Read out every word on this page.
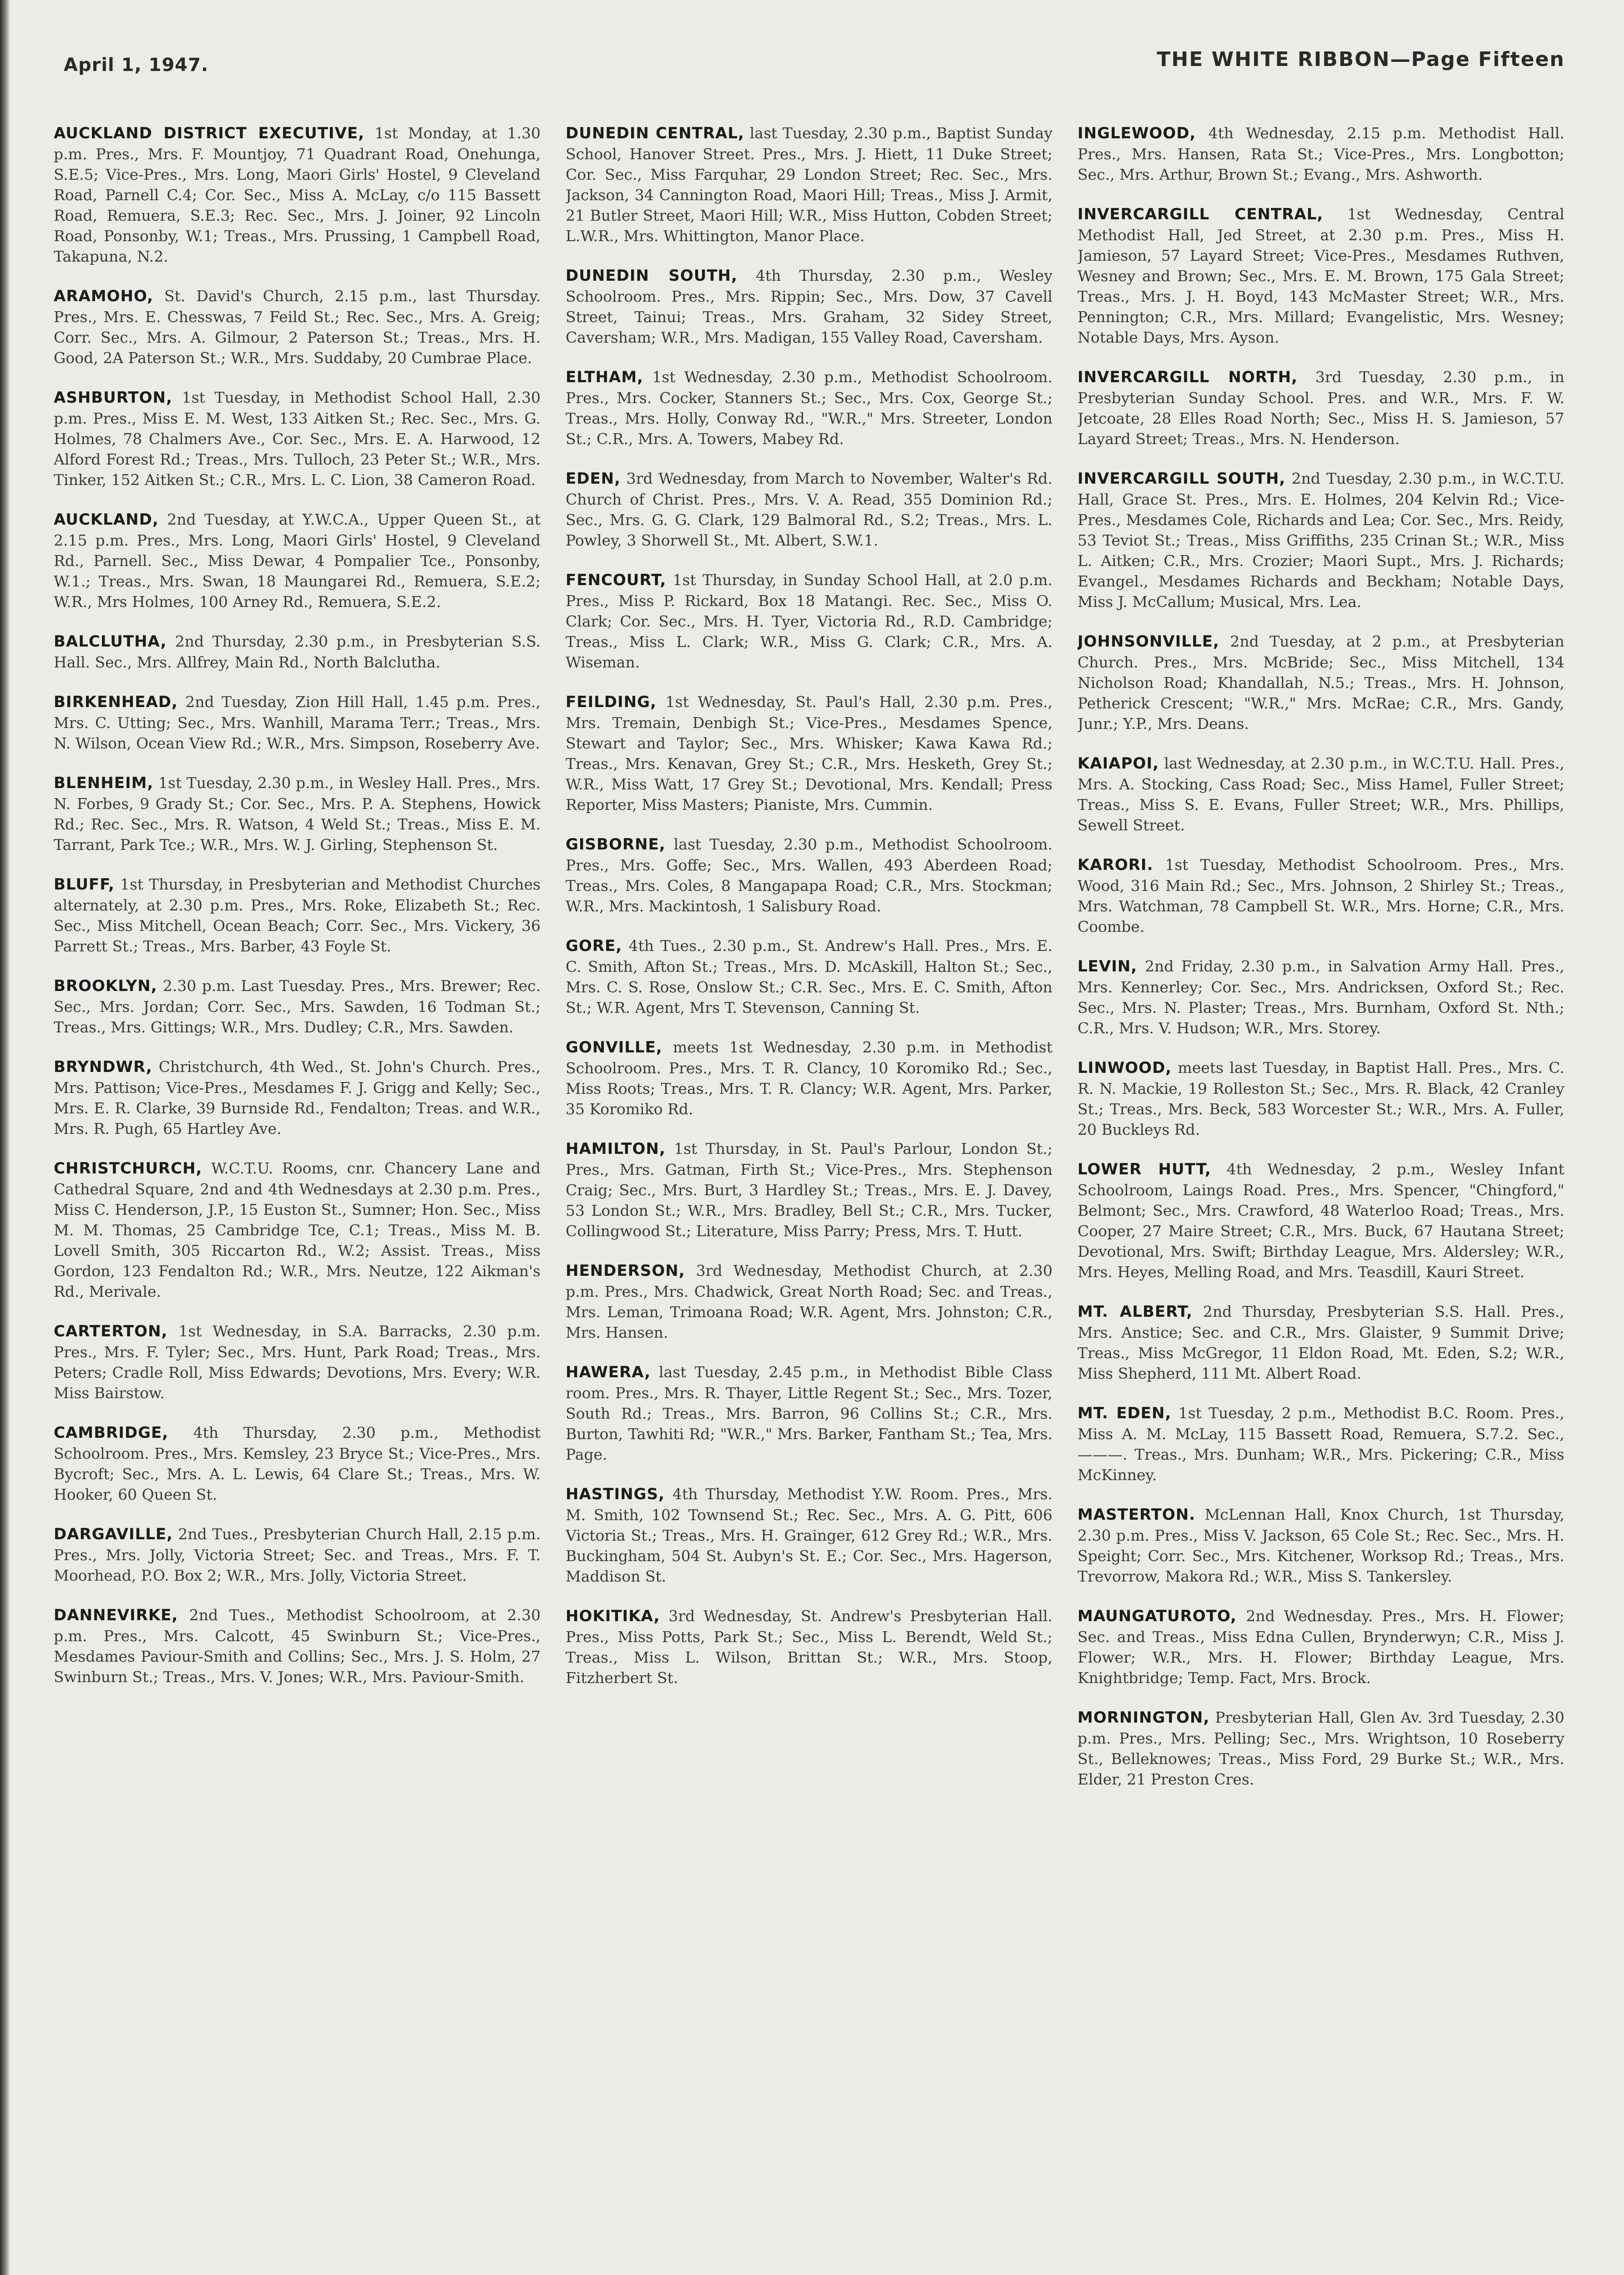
April 1, 1947.	THE WHITE RIBBON—Page Fifteen

AUCKLAND DISTRICT EXECUTIVE, 1st Monday, at 1.30 p.m. Pres., Mrs. F. Mountjoy, 71 Quadrant Road, Onehunga, S.E.5; Vice-Pres., Mrs. Long, Maori Girls' Hostel, 9 Cleveland Road, Parnell C.4; Cor. Sec., Miss A. McLay, c/o 115 Bassett Road, Remuera, S.E.3; Rec. Sec., Mrs. J. Joiner, 92 Lincoln Road, Ponsonby, W.1; Treas., Mrs. Prussing, 1 Campbell Road, Takapuna, N.2.

ARAMOHO, St. David's Church, 2.15 p.m., last Thursday. Pres., Mrs. E. Chesswas, 7 Feild St.; Rec. Sec., Mrs. A. Greig; Corr. Sec., Mrs. A. Gilmour, 2 Paterson St.; Treas., Mrs. H. Good, 2A Paterson St.; W.R., Mrs. Suddaby, 20 Cumbrae Place.

ASHBURTON, 1st Tuesday, in Methodist School Hall, 2.30 p.m. Pres., Miss E. M. West, 133 Aitken St.; Rec. Sec., Mrs. G. Holmes, 78 Chalmers Ave., Cor. Sec., Mrs. E. A. Harwood, 12 Alford Forest Rd.; Treas., Mrs. Tulloch, 23 Peter St.; W.R., Mrs. Tinker, 152 Aitken St.; C.R., Mrs. L. C. Lion, 38 Cameron Road.

AUCKLAND, 2nd Tuesday, at Y.W.C.A., Upper Queen St., at 2.15 p.m. Pres., Mrs. Long, Maori Girls' Hostel, 9 Cleveland Rd., Parnell. Sec., Miss Dewar, 4 Pompalier Tce., Ponsonby, W.1.; Treas., Mrs. Swan, 18 Maungarei Rd., Remuera, S.E.2; W.R., Mrs Holmes, 100 Arney Rd., Remuera, S.E.2.

BALCLUTHA, 2nd Thursday, 2.30 p.m., in Presbyterian S.S. Hall. Sec., Mrs. Allfrey, Main Rd., North Balclutha.

BIRKENHEAD, 2nd Tuesday, Zion Hill Hall, 1.45 p.m. Pres., Mrs. C. Utting; Sec., Mrs. Wanhill, Marama Terr.; Treas., Mrs. N. Wilson, Ocean View Rd.; W.R., Mrs. Simpson, Roseberry Ave.

BLENHEIM, 1st Tuesday, 2.30 p.m., in Wesley Hall. Pres., Mrs. N. Forbes, 9 Grady St.; Cor. Sec., Mrs. P. A. Stephens, Howick Rd.; Rec. Sec., Mrs. R. Watson, 4 Weld St.; Treas., Miss E. M. Tarrant, Park Tce.; W.R., Mrs. W. J. Girling, Stephenson St.

BLUFF, 1st Thursday, in Presbyterian and Methodist Churches alternately, at 2.30 p.m. Pres., Mrs. Roke, Elizabeth St.; Rec. Sec., Miss Mitchell, Ocean Beach; Corr. Sec., Mrs. Vickery, 36 Parrett St.; Treas., Mrs. Barber, 43 Foyle St.

BROOKLYN, 2.30 p.m. Last Tuesday. Pres., Mrs. Brewer; Rec. Sec., Mrs. Jordan; Corr. Sec., Mrs. Sawden, 16 Todman St.; Treas., Mrs. Gittings; W.R., Mrs. Dudley; C.R., Mrs. Sawden.

BRYNDWR, Christchurch, 4th Wed., St. John's Church. Pres., Mrs. Pattison; Vice-Pres., Mesdames F. J. Grigg and Kelly; Sec., Mrs. E. R. Clarke, 39 Burnside Rd., Fendalton; Treas. and W.R., Mrs. R. Pugh, 65 Hartley Ave.

CHRISTCHURCH, W.C.T.U. Rooms, cnr. Chancery Lane and Cathedral Square, 2nd and 4th Wednesdays at 2.30 p.m. Pres., Miss C. Henderson, J.P., 15 Euston St., Sumner; Hon. Sec., Miss M. M. Thomas, 25 Cambridge Tce, C.1; Treas., Miss M. B. Lovell Smith, 305 Riccarton Rd., W.2; Assist. Treas., Miss Gordon, 123 Fendalton Rd.; W.R., Mrs. Neutze, 122 Aikman's Rd., Merivale.

CARTERTON, 1st Wednesday, in S.A. Barracks, 2.30 p.m. Pres., Mrs. F. Tyler; Sec., Mrs. Hunt, Park Road; Treas., Mrs. Peters; Cradle Roll, Miss Edwards; Devotions, Mrs. Every; W.R. Miss Bairstow.

CAMBRIDGE, 4th Thursday, 2.30 p.m., Methodist Schoolroom. Pres., Mrs. Kemsley, 23 Bryce St.; Vice-Pres., Mrs. Bycroft; Sec., Mrs. A. L. Lewis, 64 Clare St.; Treas., Mrs. W. Hooker, 60 Queen St.

DARGAVILLE, 2nd Tues., Presbyterian Church Hall, 2.15 p.m. Pres., Mrs. Jolly, Victoria Street; Sec. and Treas., Mrs. F. T. Moorhead, P.O. Box 2; W.R., Mrs. Jolly, Victoria Street.

DANNEVIRKE, 2nd Tues., Methodist Schoolroom, at 2.30 p.m. Pres., Mrs. Calcott, 45 Swinburn St.; Vice-Pres., Mesdames Paviour-Smith and Collins; Sec., Mrs. J. S. Holm, 27 Swinburn St.; Treas., Mrs. V. Jones; W.R., Mrs. Paviour-Smith.

DUNEDIN CENTRAL, last Tuesday, 2.30 p.m., Baptist Sunday School, Hanover Street. Pres., Mrs. J. Hiett, 11 Duke Street; Cor. Sec., Miss Farquhar, 29 London Street; Rec. Sec., Mrs. Jackson, 34 Cannington Road, Maori Hill; Treas., Miss J. Armit, 21 Butler Street, Maori Hill; W.R., Miss Hutton, Cobden Street; L.W.R., Mrs. Whittington, Manor Place.

DUNEDIN SOUTH, 4th Thursday, 2.30 p.m., Wesley Schoolroom. Pres., Mrs. Rippin; Sec., Mrs. Dow, 37 Cavell Street, Tainui; Treas., Mrs. Graham, 32 Sidey Street, Caversham; W.R., Mrs. Madigan, 155 Valley Road, Caversham.

ELTHAM, 1st Wednesday, 2.30 p.m., Methodist Schoolroom. Pres., Mrs. Cocker, Stanners St.; Sec., Mrs. Cox, George St.; Treas., Mrs. Holly, Conway Rd., "W.R.," Mrs. Streeter, London St.; C.R., Mrs. A. Towers, Mabey Rd.

EDEN, 3rd Wednesday, from March to November, Walter's Rd. Church of Christ. Pres., Mrs. V. A. Read, 355 Dominion Rd.; Sec., Mrs. G. G. Clark, 129 Balmoral Rd., S.2; Treas., Mrs. L. Powley, 3 Shorwell St., Mt. Albert, S.W.1.

FENCOURT, 1st Thursday, in Sunday School Hall, at 2.0 p.m. Pres., Miss P. Rickard, Box 18 Matangi. Rec. Sec., Miss O. Clark; Cor. Sec., Mrs. H. Tyer, Victoria Rd., R.D. Cambridge; Treas., Miss L. Clark; W.R., Miss G. Clark; C.R., Mrs. A. Wiseman.

FEILDING, 1st Wednesday, St. Paul's Hall, 2.30 p.m. Pres., Mrs. Tremain, Denbigh St.; Vice-Pres., Mesdames Spence, Stewart and Taylor; Sec., Mrs. Whisker; Kawa Kawa Rd.; Treas., Mrs. Kenavan, Grey St.; C.R., Mrs. Hesketh, Grey St.; W.R., Miss Watt, 17 Grey St.; Devotional, Mrs. Kendall; Press Reporter, Miss Masters; Pianiste, Mrs. Cummin.

GISBORNE, last Tuesday, 2.30 p.m., Methodist Schoolroom. Pres., Mrs. Goffe; Sec., Mrs. Wallen, 493 Aberdeen Road; Treas., Mrs. Coles, 8 Mangapapa Road; C.R., Mrs. Stockman; W.R., Mrs. Mackintosh, 1 Salisbury Road.

GORE, 4th Tues., 2.30 p.m., St. Andrew's Hall. Pres., Mrs. E. C. Smith, Afton St.; Treas., Mrs. D. McAskill, Halton St.; Sec., Mrs. C. S. Rose, Onslow St.; C.R. Sec., Mrs. E. C. Smith, Afton St.; W.R. Agent, Mrs T. Stevenson, Canning St.

GONVILLE, meets 1st Wednesday, 2.30 p.m. in Methodist Schoolroom. Pres., Mrs. T. R. Clancy, 10 Koromiko Rd.; Sec., Miss Roots; Treas., Mrs. T. R. Clancy; W.R. Agent, Mrs. Parker, 35 Koromiko Rd.

HAMILTON, 1st Thursday, in St. Paul's Parlour, London St.; Pres., Mrs. Gatman, Firth St.; Vice-Pres., Mrs. Stephenson Craig; Sec., Mrs. Burt, 3 Hardley St.; Treas., Mrs. E. J. Davey, 53 London St.; W.R., Mrs. Bradley, Bell St.; C.R., Mrs. Tucker, Collingwood St.; Literature, Miss Parry; Press, Mrs. T. Hutt.

HENDERSON, 3rd Wednesday, Methodist Church, at 2.30 p.m. Pres., Mrs. Chadwick, Great North Road; Sec. and Treas., Mrs. Leman, Trimoana Road; W.R. Agent, Mrs. Johnston; C.R., Mrs. Hansen.

HAWERA, last Tuesday, 2.45 p.m., in Methodist Bible Class room. Pres., Mrs. R. Thayer, Little Regent St.; Sec., Mrs. Tozer, South Rd.; Treas., Mrs. Barron, 96 Collins St.; C.R., Mrs. Burton, Tawhiti Rd; "W.R.," Mrs. Barker, Fantham St.; Tea, Mrs. Page.

HASTINGS, 4th Thursday, Methodist Y.W. Room. Pres., Mrs. M. Smith, 102 Townsend St.; Rec. Sec., Mrs. A. G. Pitt, 606 Victoria St.; Treas., Mrs. H. Grainger, 612 Grey Rd.; W.R., Mrs. Buckingham, 504 St. Aubyn's St. E.; Cor. Sec., Mrs. Hagerson, Maddison St.

HOKITIKA, 3rd Wednesday, St. Andrew's Presbyterian Hall. Pres., Miss Potts, Park St.; Sec., Miss L. Berendt, Weld St.; Treas., Miss L. Wilson, Brittan St.; W.R., Mrs. Stoop, Fitzherbert St.

INGLEWOOD, 4th Wednesday, 2.15 p.m. Methodist Hall. Pres., Mrs. Hansen, Rata St.; Vice-Pres., Mrs. Longbotton; Sec., Mrs. Arthur, Brown St.; Evang., Mrs. Ashworth.

INVERCARGILL CENTRAL, 1st Wednesday, Central Methodist Hall, Jed Street, at 2.30 p.m. Pres., Miss H. Jamieson, 57 Layard Street; Vice-Pres., Mesdames Ruthven, Wesney and Brown; Sec., Mrs. E. M. Brown, 175 Gala Street; Treas., Mrs. J. H. Boyd, 143 McMaster Street; W.R., Mrs. Pennington; C.R., Mrs. Millard; Evangelistic, Mrs. Wesney; Notable Days, Mrs. Ayson.

INVERCARGILL NORTH, 3rd Tuesday, 2.30 p.m., in Presbyterian Sunday School. Pres. and W.R., Mrs. F. W. Jetcoate, 28 Elles Road North; Sec., Miss H. S. Jamieson, 57 Layard Street; Treas., Mrs. N. Henderson.

INVERCARGILL SOUTH, 2nd Tuesday, 2.30 p.m., in W.C.T.U. Hall, Grace St. Pres., Mrs. E. Holmes, 204 Kelvin Rd.; Vice-Pres., Mesdames Cole, Richards and Lea; Cor. Sec., Mrs. Reidy, 53 Teviot St.; Treas., Miss Griffiths, 235 Crinan St.; W.R., Miss L. Aitken; C.R., Mrs. Crozier; Maori Supt., Mrs. J. Richards; Evangel., Mesdames Richards and Beckham; Notable Days, Miss J. McCallum; Musical, Mrs. Lea.

JOHNSONVILLE, 2nd Tuesday, at 2 p.m., at Presbyterian Church. Pres., Mrs. McBride; Sec., Miss Mitchell, 134 Nicholson Road; Khandallah, N.5.; Treas., Mrs. H. Johnson, Petherick Crescent; "W.R.," Mrs. McRae; C.R., Mrs. Gandy, Junr.; Y.P., Mrs. Deans.

KAIAPOI, last Wednesday, at 2.30 p.m., in W.C.T.U. Hall. Pres., Mrs. A. Stocking, Cass Road; Sec., Miss Hamel, Fuller Street; Treas., Miss S. E. Evans, Fuller Street; W.R., Mrs. Phillips, Sewell Street.

KARORI. 1st Tuesday, Methodist Schoolroom. Pres., Mrs. Wood, 316 Main Rd.; Sec., Mrs. Johnson, 2 Shirley St.; Treas., Mrs. Watchman, 78 Campbell St. W.R., Mrs. Horne; C.R., Mrs. Coombe.

LEVIN, 2nd Friday, 2.30 p.m., in Salvation Army Hall. Pres., Mrs. Kennerley; Cor. Sec., Mrs. Andricksen, Oxford St.; Rec. Sec., Mrs. N. Plaster; Treas., Mrs. Burnham, Oxford St. Nth.; C.R., Mrs. V. Hudson; W.R., Mrs. Storey.

LINWOOD, meets last Tuesday, in Baptist Hall. Pres., Mrs. C. R. N. Mackie, 19 Rolleston St.; Sec., Mrs. R. Black, 42 Cranley St.; Treas., Mrs. Beck, 583 Worcester St.; W.R., Mrs. A. Fuller, 20 Buckleys Rd.

LOWER HUTT, 4th Wednesday, 2 p.m., Wesley Infant Schoolroom, Laings Road. Pres., Mrs. Spencer, "Chingford," Belmont; Sec., Mrs. Crawford, 48 Waterloo Road; Treas., Mrs. Cooper, 27 Maire Street; C.R., Mrs. Buck, 67 Hautana Street; Devotional, Mrs. Swift; Birthday League, Mrs. Aldersley; W.R., Mrs. Heyes, Melling Road, and Mrs. Teasdill, Kauri Street.

MT. ALBERT, 2nd Thursday, Presbyterian S.S. Hall. Pres., Mrs. Anstice; Sec. and C.R., Mrs. Glaister, 9 Summit Drive; Treas., Miss McGregor, 11 Eldon Road, Mt. Eden, S.2; W.R., Miss Shepherd, 111 Mt. Albert Road.

MT. EDEN, 1st Tuesday, 2 p.m., Methodist B.C. Room. Pres., Miss A. M. McLay, 115 Bassett Road, Remuera, S.7.2. Sec., ———. Treas., Mrs. Dunham; W.R., Mrs. Pickering; C.R., Miss McKinney.

MASTERTON. McLennan Hall, Knox Church, 1st Thursday, 2.30 p.m. Pres., Miss V. Jackson, 65 Cole St.; Rec. Sec., Mrs. H. Speight; Corr. Sec., Mrs. Kitchener, Worksop Rd.; Treas., Mrs. Trevorrow, Makora Rd.; W.R., Miss S. Tankersley.

MAUNGATUROTO, 2nd Wednesday. Pres., Mrs. H. Flower; Sec. and Treas., Miss Edna Cullen, Brynderwyn; C.R., Miss J. Flower; W.R., Mrs. H. Flower; Birthday League, Mrs. Knightbridge; Temp. Fact, Mrs. Brock.

MORNINGTON, Presbyterian Hall, Glen Av. 3rd Tuesday, 2.30 p.m. Pres., Mrs. Pelling; Sec., Mrs. Wrightson, 10 Roseberry St., Belleknowes; Treas., Miss Ford, 29 Burke St.; W.R., Mrs. Elder, 21 Preston Cres.
